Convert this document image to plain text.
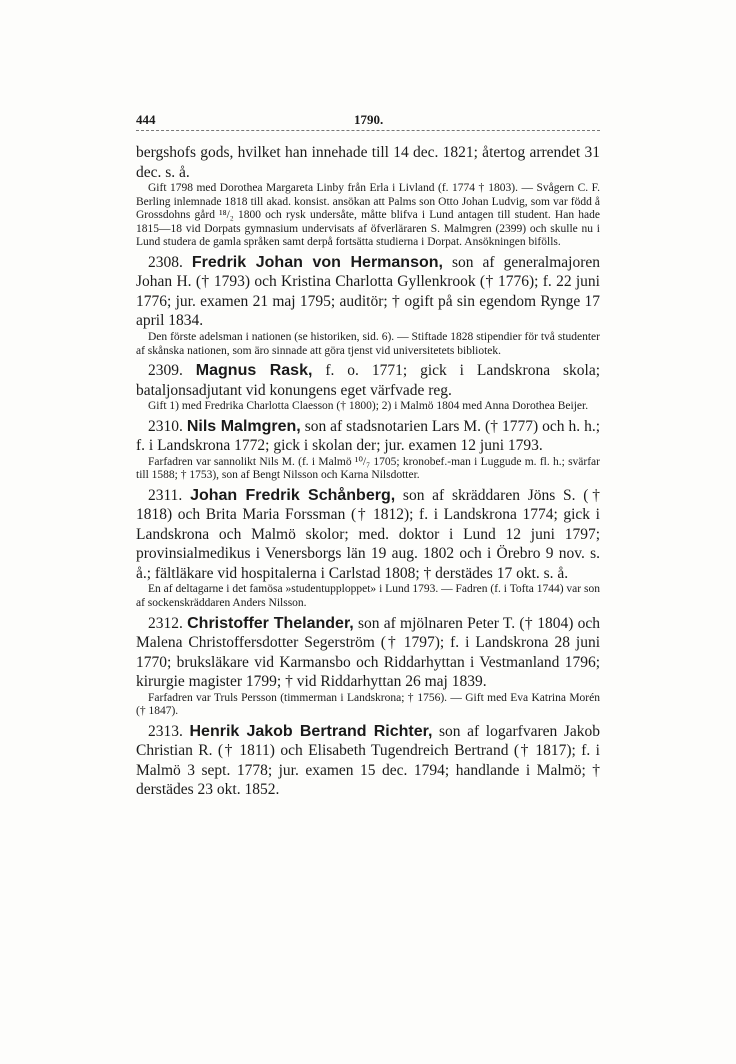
444	1790.

bergshofs gods, hvilket han innehade till 14 dec. 1821; återtog arrendet 31 dec. s. å.

Gift 1798 med Dorothea Margareta Linby från Erla i Livland (f. 1774 † 1803). — Svågern C. F. Berling inlemnade 1818 till akad. konsist. ansökan att Palms son Otto Johan Ludvig, som var född å Grossdohns gård ¹⁸/₂ 1800 och rysk undersåte, måtte blifva i Lund antagen till student. Han hade 1815—18 vid Dorpats gymnasium undervisats af öfverläraren S. Malmgren (2399) och skulle nu i Lund studera de gamla språken samt derpå fortsätta studierna i Dorpat. Ansökningen bifölls.

2308. Fredrik Johan von Hermanson, son af generalmajoren Johan H. († 1793) och Kristina Charlotta Gyllenkrook († 1776); f. 22 juni 1776; jur. examen 21 maj 1795; auditör; † ogift på sin egendom Rynge 17 april 1834.

Den förste adelsman i nationen (se historiken, sid. 6). — Stiftade 1828 stipendier för två studenter af skånska nationen, som äro sinnade att göra tjenst vid universitetets bibliotek.

2309. Magnus Rask, f. o. 1771; gick i Landskrona skola; bataljonsadjutant vid konungens eget värfvade reg.

Gift 1) med Fredrika Charlotta Claesson († 1800); 2) i Malmö 1804 med Anna Dorothea Beijer.

2310. Nils Malmgren, son af stadsnotarien Lars M. († 1777) och h. h.; f. i Landskrona 1772; gick i skolan der; jur. examen 12 juni 1793.

Farfadren var sannolikt Nils M. (f. i Malmö ¹⁰/₇ 1705; kronobef.-man i Luggude m. fl. h.; svärfar till 1588; † 1753), son af Bengt Nilsson och Karna Nilsdotter.

2311. Johan Fredrik Schånberg, son af skräddaren Jöns S. († 1818) och Brita Maria Forssman († 1812); f. i Landskrona 1774; gick i Landskrona och Malmö skolor; med. doktor i Lund 12 juni 1797; provinsialmedikus i Venersborgs län 19 aug. 1802 och i Örebro 9 nov. s. å.; fältläkare vid hospitalerna i Carlstad 1808; † derstädes 17 okt. s. å.

En af deltagarne i det famösa »studentupploppet» i Lund 1793. — Fadren (f. i Tofta 1744) var son af sockenskräddaren Anders Nilsson.

2312. Christoffer Thelander, son af mjölnaren Peter T. († 1804) och Malena Christoffersdotter Segerström († 1797); f. i Landskrona 28 juni 1770; bruksläkare vid Karmansbo och Riddarhyttan i Vestmanland 1796; kirurgie magister 1799; † vid Riddarhyttan 26 maj 1839.

Farfadren var Truls Persson (timmerman i Landskrona; † 1756). — Gift med Eva Katrina Morén († 1847).

2313. Henrik Jakob Bertrand Richter, son af logarfvaren Jakob Christian R. († 1811) och Elisabeth Tugendreich Bertrand († 1817); f. i Malmö 3 sept. 1778; jur. examen 15 dec. 1794; handlande i Malmö; † derstädes 23 okt. 1852.
